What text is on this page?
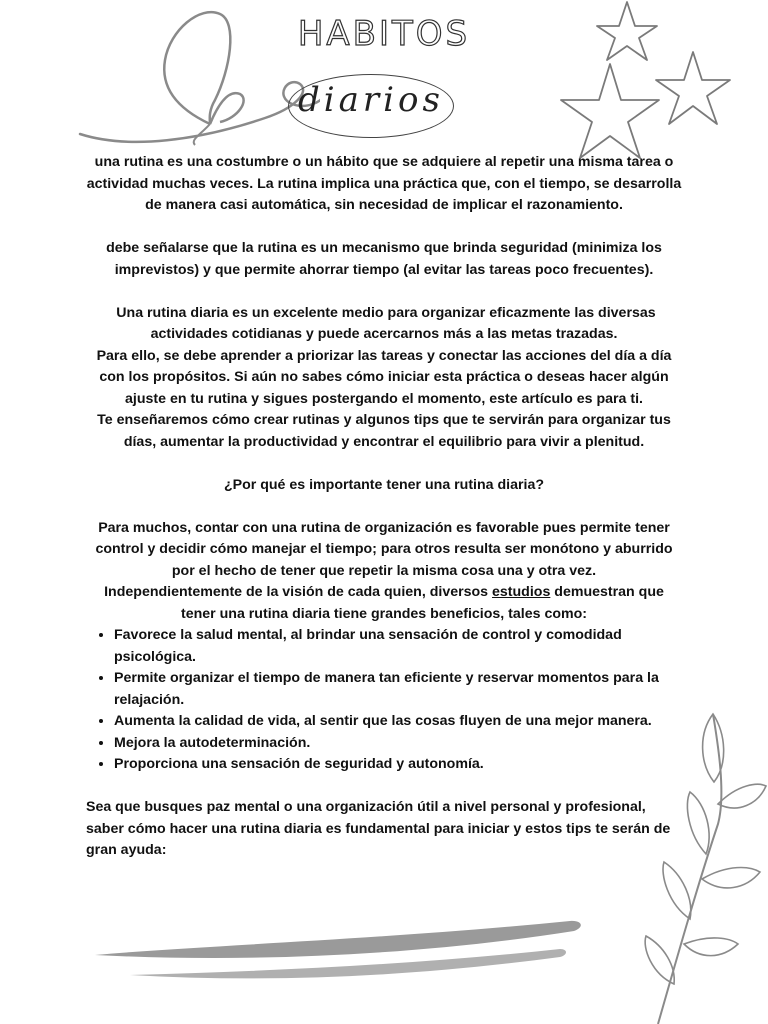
HABITOS
diarios

una rutina es una costumbre o un hábito que se adquiere al repetir una misma tarea o actividad muchas veces. La rutina implica una práctica que, con el tiempo, se desarrolla de manera casi automática, sin necesidad de implicar el razonamiento.

debe señalarse que la rutina es un mecanismo que brinda seguridad (minimiza los imprevistos) y que permite ahorrar tiempo (al evitar las tareas poco frecuentes).

Una rutina diaria es un excelente medio para organizar eficazmente las diversas actividades cotidianas y puede acercarnos más a las metas trazadas.

Para ello, se debe aprender a priorizar las tareas y conectar las acciones del día a día con los propósitos. Si aún no sabes cómo iniciar esta práctica o deseas hacer algún ajuste en tu rutina y sigues postergando el momento, este artículo es para ti.

Te enseñaremos cómo crear rutinas y algunos tips que te servirán para organizar tus días, aumentar la productividad y encontrar el equilibrio para vivir a plenitud.

¿Por qué es importante tener una rutina diaria?

Para muchos, contar con una rutina de organización es favorable pues permite tener control y decidir cómo manejar el tiempo; para otros resulta ser monótono y aburrido por el hecho de tener que repetir la misma cosa una y otra vez.

Independientemente de la visión de cada quien, diversos estudios demuestran que tener una rutina diaria tiene grandes beneficios, tales como:

• Favorece la salud mental, al brindar una sensación de control y comodidad psicológica.
• Permite organizar el tiempo de manera tan eficiente y reservar momentos para la relajación.
• Aumenta la calidad de vida, al sentir que las cosas fluyen de una mejor manera.
• Mejora la autodeterminación.
• Proporciona una sensación de seguridad y autonomía.

Sea que busques paz mental o una organización útil a nivel personal y profesional, saber cómo hacer una rutina diaria es fundamental para iniciar y estos tips te serán de gran ayuda:
